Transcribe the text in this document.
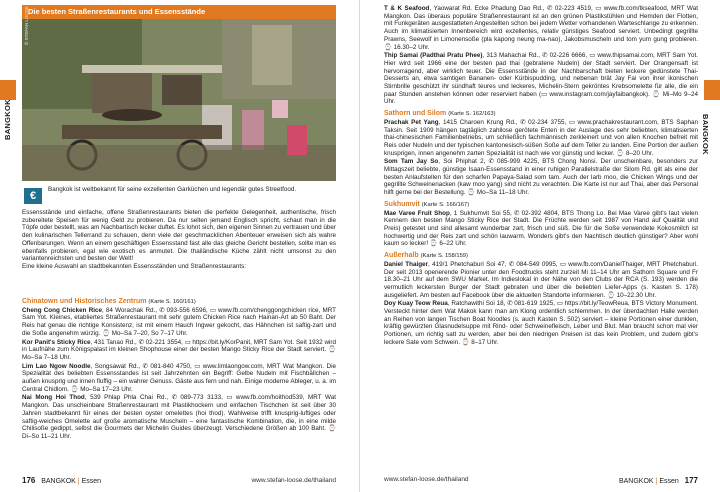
BANGKOK	BANGKOK
Die besten Straßenrestaurants und Essensstände
© STEFAN LOOSE
€
Bangkok ist weltbekannt für seine exzellenten Garküchen und legendär gutes Streetfood.
Essensstände und einfache, offene Straßenrestaurants bieten die perfekte Gelegenheit, authentische, frisch zubereitete Speisen für wenig Geld zu probieren. Da nur selten jemand Englisch spricht, schaut man in die Töpfe oder bestellt, was am Nachbartisch lecker duftet. Es lohnt sich, den eigenen Sinnen zu vertrauen und über den kulinarischen Tellerrand zu schauen, denn viele der geschmacklichen Abenteuer erweisen sich als wahre Offenbarungen. Wenn an einem geschäftigen Essensstand fast alle das gleiche Gericht bestellen, sollte man es ebenfalls probieren, egal wie exotisch es anmutet. Die thailändische Küche zählt nicht umsonst zu den variantenreichsten und besten der Welt!
Eine kleine Auswahl an stadtbekannten Essensständen und Straßenrestaurants:
Chinatown und Historisches Zentrum (Karte S. 160/161)
Cheng Cong Chicken Rice, 84 Worachak Rd., ✆ 093-556 6596, ▭ www.fb.com/chenggongchicken rice, MRT Sam Yot. Kleines, etabliertes Straßenrestaurant mit sehr gutem Chicken Rice nach Hainan-Art ab 50 Baht. Der Reis hat genau die richtige Konsistenz, ist mit einem Hauch Ingwer gekocht, das Hähnchen ist saftig-zart und die Soße angenehm würzig. ⌚ Mo–Sa 7–20, So 7–17 Uhr.
Kor Panit's Sticky Rice, 431 Tanao Rd., ✆ 02-221 3554, ▭ https://bit.ly/KorPanit, MRT Sam Yot. Seit 1932 wird in Laufnähe zum Königspalast im kleinen Shophouse einer der besten Mango Sticky Rice der Stadt serviert. ⌚ Mo–Sa 7–18 Uhr.
Lim Lao Ngow Noodle, Songsawat Rd., ✆ 081-840 4750, ▭ www.limlaongow.com, MRT Wat Mangkon. Die Spezialität des beliebten Essensstandes ist seit Jahrzehnten ein Begriff: Gelbe Nudeln mit Fischbällchen – außen knusprig und innen fluffig – ein wahrer Genuss. Gäste aus fern und nah. Einige moderne Ableger, u. a. im Central Chidlom. ⌚ Mo–Sa 17–23 Uhr.
Nai Mong Hoi Thod, 539 Phlap Phla Chai Rd., ✆ 089-773 3133, ▭ www.fb.com/hoithod539, MRT Wat Mangkon. Das unscheinbare Straßenrestaurant mit Plastikhockern und einfachen Tischchen ist seit über 30 Jahren stadtbekannt für eines der besten oyster omelettes (hoi thod). Wahlweise trifft knusprig-luftiges oder saftig-weiches Omelette auf große aromatische Muscheln – eine fantastische Kombination, die, in eine milde Chilisoße gedippt, selbst die Gourmets der Michelin Guides überzeugt. Verschiedene Größen ab 100 Baht. ⌚ Di–So 11–21 Uhr.
176 BANGKOK | Essen	www.stefan-loose.de/thailand
T & K Seafood, Yaowarat Rd. Ecke Phadung Dao Rd., ✆ 02-223 4519, ▭ www.fb.com/tkseafood, MRT Wat Mangkon. Das überaus populäre Straßenrestaurant ist an den grünen Plastikstühlen und Hemden der Flotten, mit Funkgeräten ausgestatteten Angestellten schon bei jedem Wetter vorhandenen Warteschlange zu erkennen. Auch im klimatisierten Innenbereich wird exzellentes, relativ günstiges Seafood serviert. Unbedingt gegrillte Prawns, Seewolf in Limonensoße (pla kapong neung ma-nao), Jakobsmuscheln und tom yum gung probieren. ⌚ 16.30–2 Uhr.
Thip Samai (Padthai Pratu Phee), 313 Mahachai Rd., ✆ 02-226 6666, ▭ www.thipsamai.com, MRT Sam Yot. Hier wird seit 1966 eine der besten pad thai (gebratene Nudeln) der Stadt serviert. Der Orangensaft ist hervorragend, aber wirklich teuer. Die Essensstände in der Nachbarschaft bieten leckere gedünstete Thai-Desserts an, etwa samtigen Bananen- oder Kürbispudding, und nebenan brät Jay Fai von ihrer ikonischen Stirnbrille geschützt ihr sündhaft teures und leckeres, Michelin-Stern gekröntes Krebsomelette für alle, die ein paar Stunden anstehen können oder reserviert haben (▭ www.instagram.com/jayfaibangkok). ⌚ Mi–Mo 9–24 Uhr.
Sathorn und Silom (Karte S. 162/163)
Prachak Pet Yang, 1415 Charoen Krung Rd., ✆ 02-234 3755, ▭ www.prachakrestaurant.com, BTS Saphan Taksin. Seit 1909 hängen tagtäglich zahllose gerötete Enten in der Auslage des sehr beliebten, klimatisierten thai-chinesischen Familienbetriebs, um schließlich fachmännisch zerkleinert und von allen Knochen befreit mit Reis oder Nudeln und der typischen kantonesisch-süßen Soße auf dem Teller zu landen. Eine Portion der außen knusprigen, innen angenehm zarten Spezialität ist nach wie vor günstig und lecker. ⌚ 8–20 Uhr.
Som Tam Jay So, Soi Phiphat 2, ✆ 085-999 4225, BTS Chong Nonsi. Der unscheinbare, besonders zur Mittagszeit beliebte, günstige Isaan-Essensstand in einer ruhigen Parallelstraße der Silom Rd. gilt als eine der besten Anlaufstellen für den scharfen Papaya-Salad som tam. Auch der larb moo, die Chicken Wings und der gegrillte Schweinenacken (kaw moo yang) sind nicht zu verachten. Die Karte ist nur auf Thai, aber das Personal hilft gerne bei der Bestellung. ⌚ Mo–Sa 11–18 Uhr.
Sukhumvit (Karte S. 166/167)
Mae Varee Fruit Shop, 1 Sukhumvit Soi 55, ✆ 02-392 4804, BTS Thong Lo. Bei Mae Varee gibt's laut vielen Kennern den besten Mango Sticky Rice der Stadt. Die Früchte werden seit 1987 von Hand auf Qualität und Preis) getestet und sind allesamt wunderbar zart, frisch und süß. Die für die Soße verwendete Kokosmilch ist hochwertig und der Reis zart und schön lauwarm. Wonders gibt's den Nachtisch deutlich günstiger? Aber wohl kaum so lecker! ⌚ 6–22 Uhr.
Außerhalb (Karte S. 158/159)
Daniel Thaiger, 419/1 Phetchaburi Soi 47, ✆ 084-549 0995, ▭ www.fb.com/DanielThaiger, MRT Phetchaburi. Der seit 2013 operierende Pionier unter den Foodtrucks steht zurzeit Mi 11–14 Uhr am Sathorn Square und Fr 18.30–21 Uhr auf dem SWU Market. Im Indieslokal in der Nähe von den Clubs der RCA (S. 193) werden die vermutlich leckersten Burger der Stadt gebraten und über die beliebten Liefer-Apps (s. Kasten S. 178) ausgeliefert. Am besten auf Facebook über die aktuellen Standorte informieren. ⌚ 10–22.30 Uhr.
Doy Kuay Teow Reua, Ratchawithi Soi 18, ✆ 081-619 1925, ▭ https://bit.ly/TeowReua, BTS Victory Monument. Versteckt hinter dem Wat Makok kann man am Klong ordentlich schlemmen. In der überdachten Halle werden an Reihen von langen Tischen Boat Noodles (s. auch Kasten S. 502) serviert – kleine Portionen einer dunklen, kräftig gewürzten Glasnudelsuppe mit Rind- oder Schweinefleisch, Leber und Blut. Man braucht schon mal vier Portionen, um richtig satt zu werden, aber bei den niedrigen Preisen ist das kein Problem, und zudem gibt's leckere Sate vom Schwein. ⌚ 8–17 Uhr.
www.stefan-loose.de/thailand	BANGKOK | Essen 177
